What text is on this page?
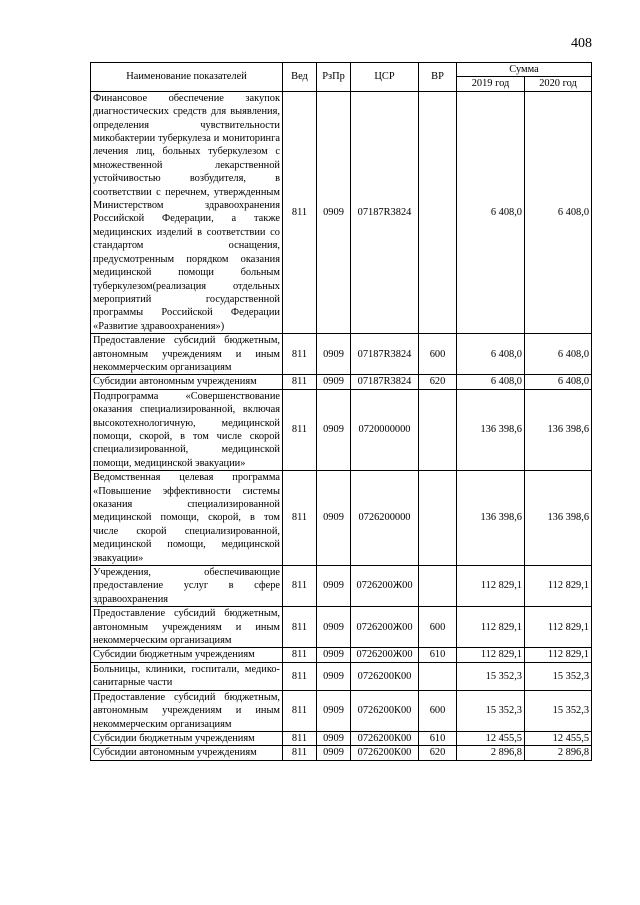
408
Наименование показателей	Вед	РзПр	ЦСР	ВР	Сумма	
					2019 год	2020 год
Финансовое обеспечение закупок диагностических средств для выявления, определения чувствительности микобактерии туберкулеза и мониторинга лечения лиц, больных туберкулезом с множественной лекарственной устойчивостью возбудителя, в соответствии с перечнем, утвержденным Министерством здравоохранения Российской Федерации, а также медицинских изделий в соответствии со стандартом оснащения, предусмотренным порядком оказания медицинской помощи больным туберкулезом(реализация отдельных мероприятий государственной программы Российской Федерации «Развитие здравоохранения»)	811	0909	07187R3824		6 408,0	6 408,0
Предоставление субсидий бюджетным, автономным учреждениям и иным некоммерческим организациям	811	0909	07187R3824	600	6 408,0	6 408,0
Субсидии автономным учреждениям	811	0909	07187R3824	620	6 408,0	6 408,0
Подпрограмма «Совершенствование оказания специализированной, включая высокотехнологичную, медицинской помощи, скорой, в том числе скорой специализированной, медицинской помощи, медицинской эвакуации»	811	0909	0720000000		136 398,6	136 398,6
Ведомственная целевая программа «Повышение эффективности системы оказания специализированной медицинской помощи, скорой, в том числе скорой специализированной, медицинской помощи, медицинской эвакуации»	811	0909	0726200000		136 398,6	136 398,6
Учреждения, обеспечивающие предоставление услуг в сфере здравоохранения	811	0909	0726200Ж00		112 829,1	112 829,1
Предоставление субсидий бюджетным, автономным учреждениям и иным некоммерческим организациям	811	0909	0726200Ж00	600	112 829,1	112 829,1
Субсидии бюджетным учреждениям	811	0909	0726200Ж00	610	112 829,1	112 829,1
Больницы, клиники, госпитали, медико-санитарные части	811	0909	0726200К00		15 352,3	15 352,3
Предоставление субсидий бюджетным, автономным учреждениям и иным некоммерческим организациям	811	0909	0726200К00	600	15 352,3	15 352,3
Субсидии бюджетным учреждениям	811	0909	0726200К00	610	12 455,5	12 455,5
Субсидии автономным учреждениям	811	0909	0726200К00	620	2 896,8	2 896,8
